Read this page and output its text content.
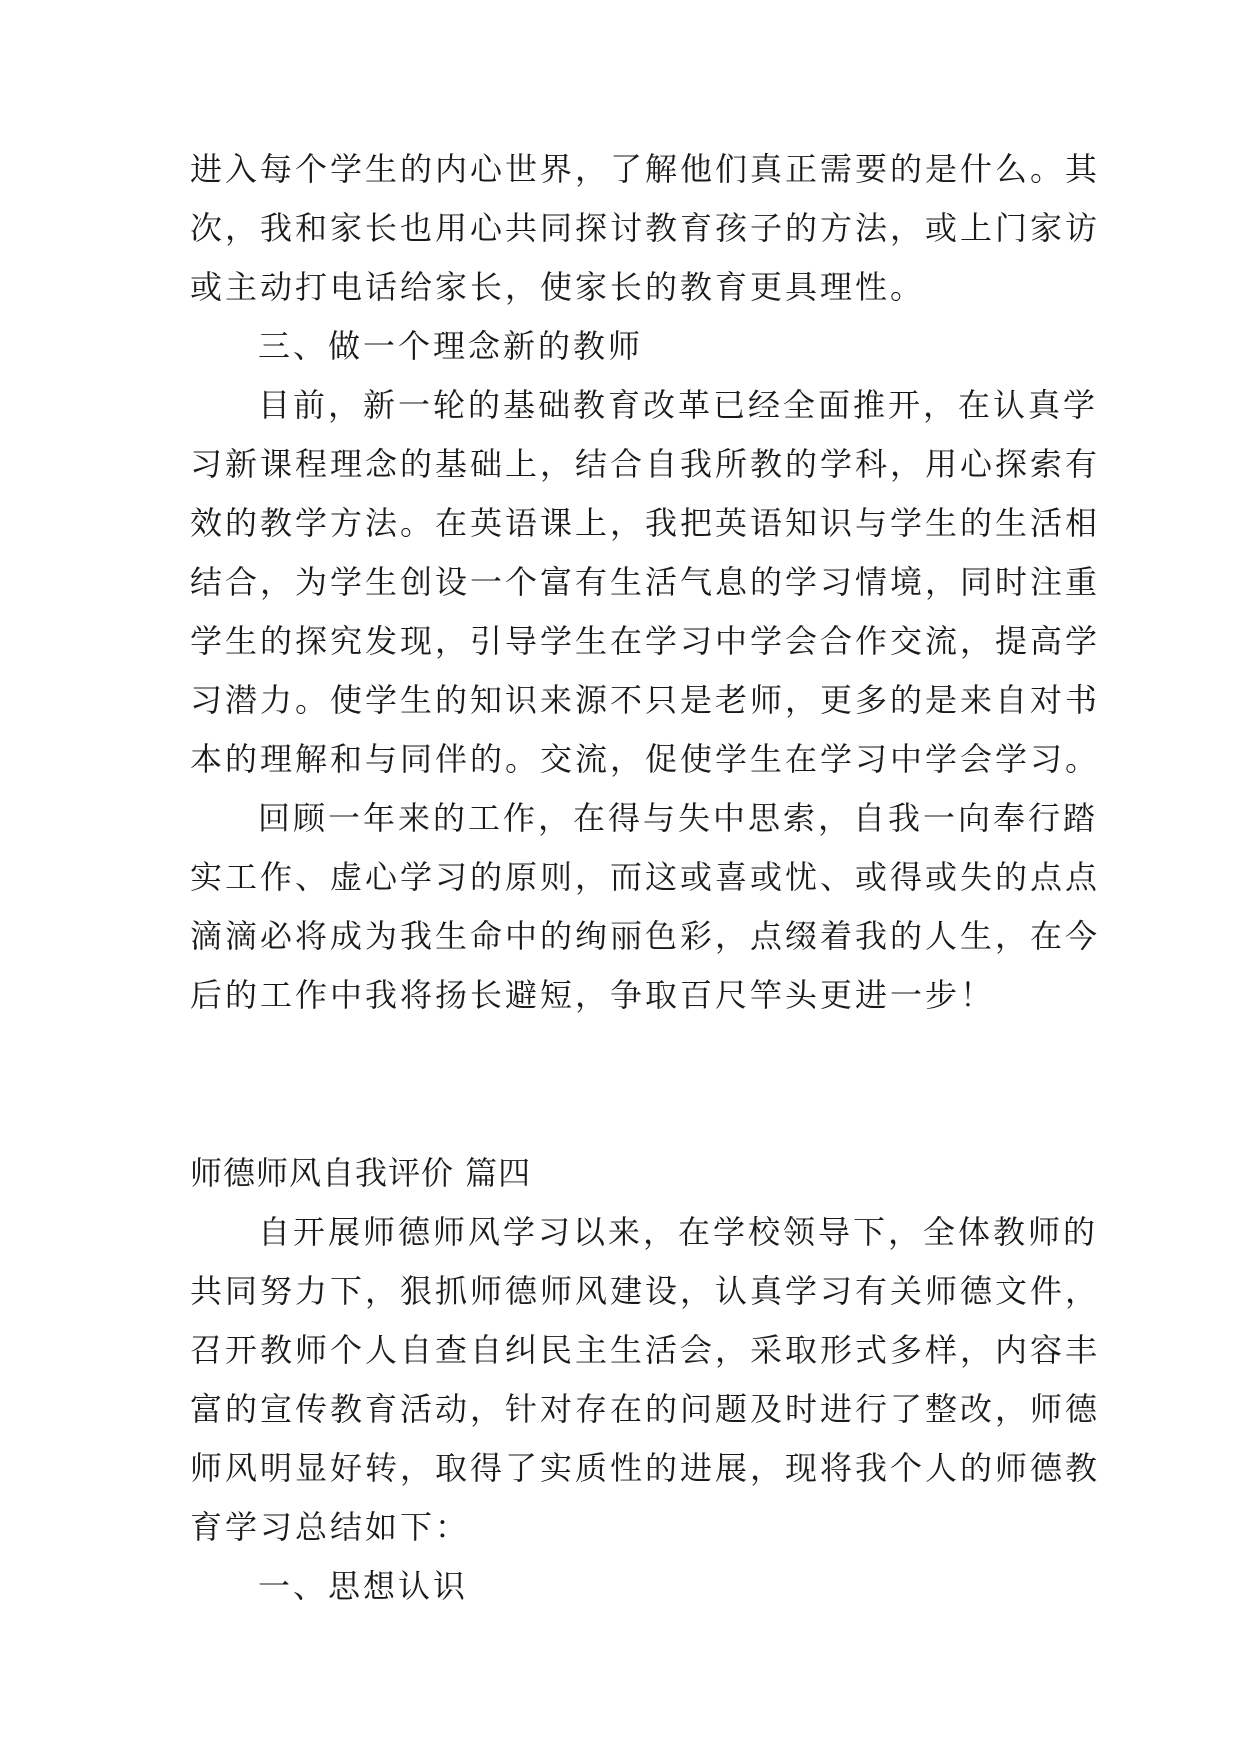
进入每个学生的内心世界，了解他们真正需要的是什么。其
次，我和家长也用心共同探讨教育孩子的方法，或上门家访
或主动打电话给家长，使家长的教育更具理性。
三、做一个理念新的教师
目前，新一轮的基础教育改革已经全面推开，在认真学
习新课程理念的基础上，结合自我所教的学科，用心探索有
效的教学方法。在英语课上，我把英语知识与学生的生活相
结合，为学生创设一个富有生活气息的学习情境，同时注重
学生的探究发现，引导学生在学习中学会合作交流，提高学
习潜力。使学生的知识来源不只是老师，更多的是来自对书
本的理解和与同伴的。交流，促使学生在学习中学会学习。
回顾一年来的工作，在得与失中思索，自我一向奉行踏
实工作、虚心学习的原则，而这或喜或忧、或得或失的点点
滴滴必将成为我生命中的绚丽色彩，点缀着我的人生，在今
后的工作中我将扬长避短，争取百尺竿头更进一步！
师德师风自我评价 篇四
自开展师德师风学习以来，在学校领导下，全体教师的
共同努力下，狠抓师德师风建设，认真学习有关师德文件，
召开教师个人自查自纠民主生活会，采取形式多样，内容丰
富的宣传教育活动，针对存在的问题及时进行了整改，师德
师风明显好转，取得了实质性的进展，现将我个人的师德教
育学习总结如下：
一、思想认识
